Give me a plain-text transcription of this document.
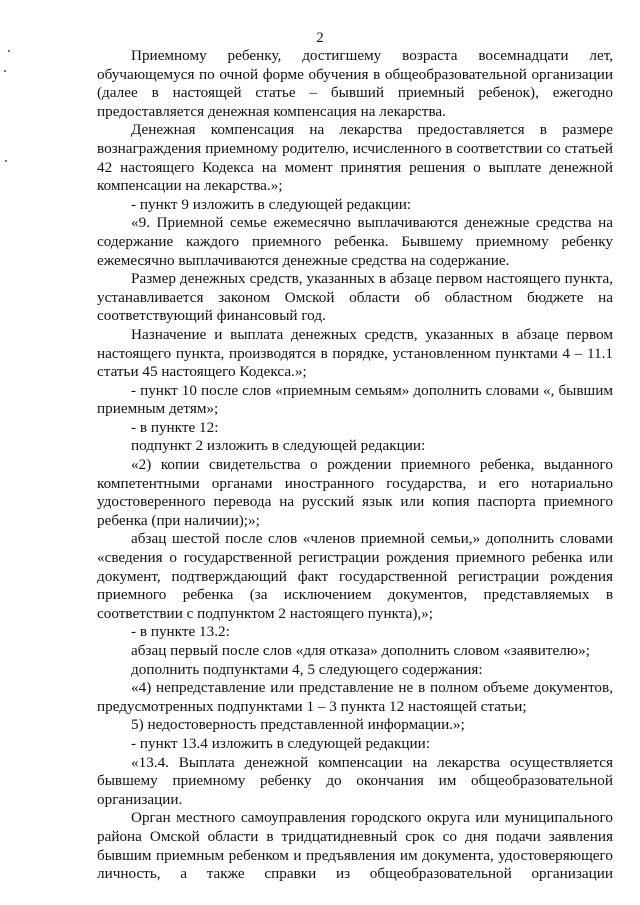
2

Приемному ребенку, достигшему возраста восемнадцати лет, обучающемуся по очной форме обучения в общеобразовательной организации (далее в настоящей статье – бывший приемный ребенок), ежегодно предоставляется денежная компенсация на лекарства.

Денежная компенсация на лекарства предоставляется в размере вознаграждения приемному родителю, исчисленного в соответствии со статьей 42 настоящего Кодекса на момент принятия решения о выплате денежной компенсации на лекарства.»;

- пункт 9 изложить в следующей редакции:

«9. Приемной семье ежемесячно выплачиваются денежные средства на содержание каждого приемного ребенка. Бывшему приемному ребенку ежемесячно выплачиваются денежные средства на содержание.

Размер денежных средств, указанных в абзаце первом настоящего пункта, устанавливается законом Омской области об областном бюджете на соответствующий финансовый год.

Назначение и выплата денежных средств, указанных в абзаце первом настоящего пункта, производятся в порядке, установленном пунктами 4 – 11.1 статьи 45 настоящего Кодекса.»;

- пункт 10 после слов «приемным семьям» дополнить словами «, бывшим приемным детям»;

- в пункте 12:

подпункт 2 изложить в следующей редакции:

«2) копии свидетельства о рождении приемного ребенка, выданного компетентными органами иностранного государства, и его нотариально удостоверенного перевода на русский язык или копия паспорта приемного ребенка (при наличии);»;

абзац шестой после слов «членов приемной семьи,» дополнить словами «сведения о государственной регистрации рождения приемного ребенка или документ, подтверждающий факт государственной регистрации рождения приемного ребенка (за исключением документов, представляемых в соответствии с подпунктом 2 настоящего пункта),»;

- в пункте 13.2:

абзац первый после слов «для отказа» дополнить словом «заявителю»;

дополнить подпунктами 4, 5 следующего содержания:

«4) непредставление или представление не в полном объеме документов, предусмотренных подпунктами 1 – 3 пункта 12 настоящей статьи;

5) недостоверность представленной информации.»;

- пункт 13.4 изложить в следующей редакции:

«13.4. Выплата денежной компенсации на лекарства осуществляется бывшему приемному ребенку до окончания им общеобразовательной организации.

Орган местного самоуправления городского округа или муниципального района Омской области в тридцатидневный срок со дня подачи заявления бывшим приемным ребенком и предъявления им документа, удостоверяющего личность, а также справки из общеобразовательной организации
